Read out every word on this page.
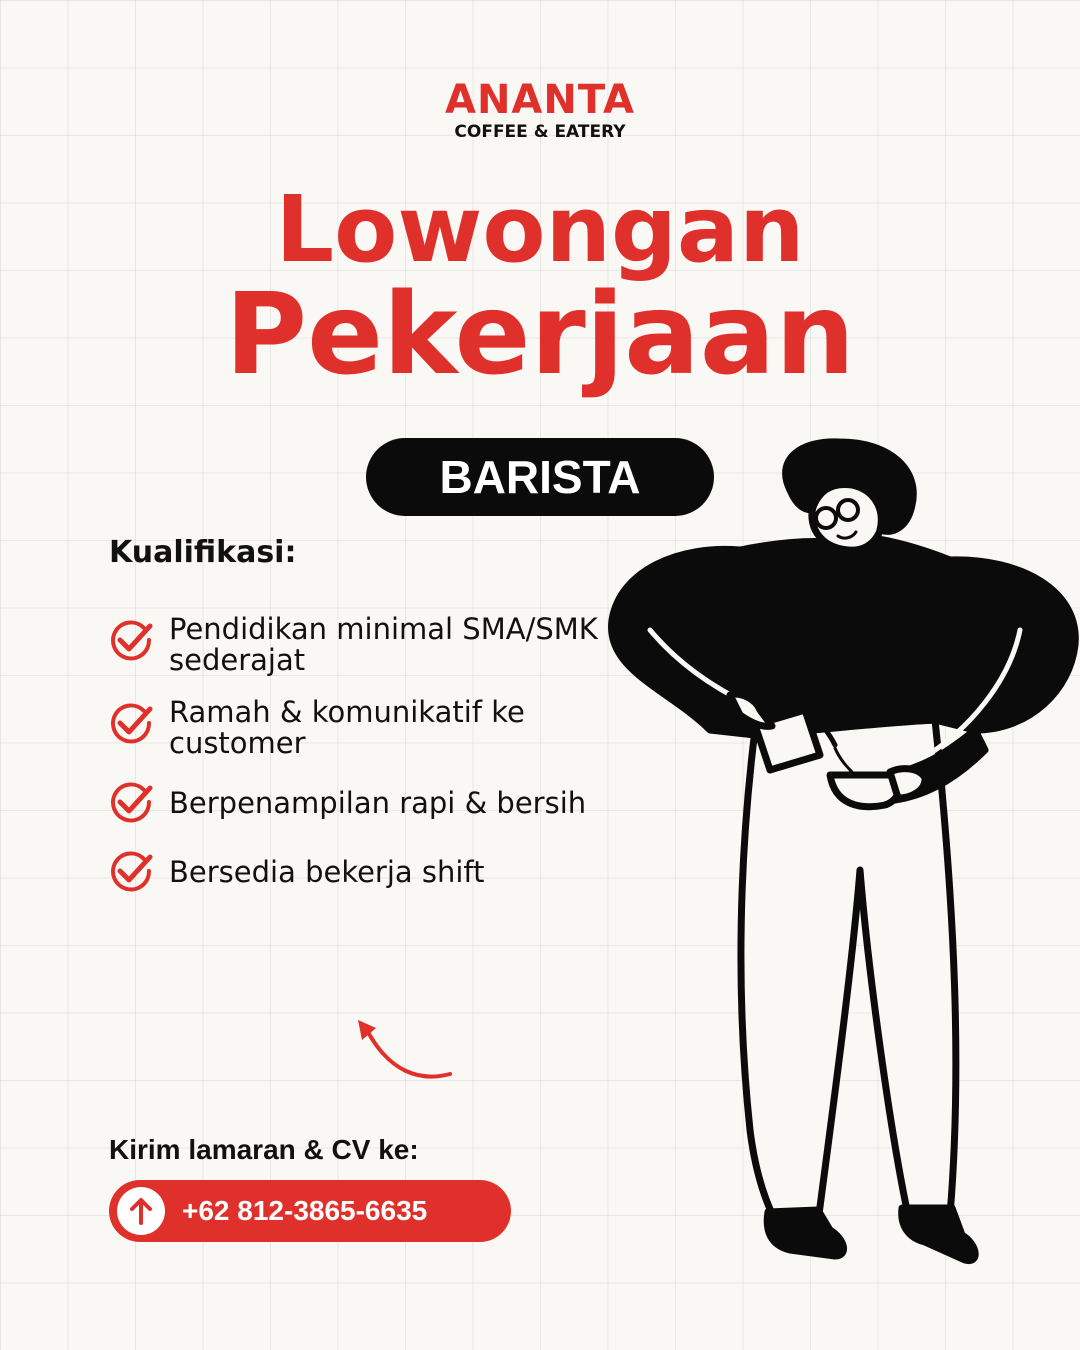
ANANTA
COFFEE & EATERY
Lowongan
Pekerjaan
BARISTA
Kualifikasi:
Pendidikan minimal SMA/SMK
sederajat
Ramah & komunikatif ke
customer
Berpenampilan rapi & bersih
Bersedia bekerja shift
Kirim lamaran & CV ke:
+62 812-3865-6635
